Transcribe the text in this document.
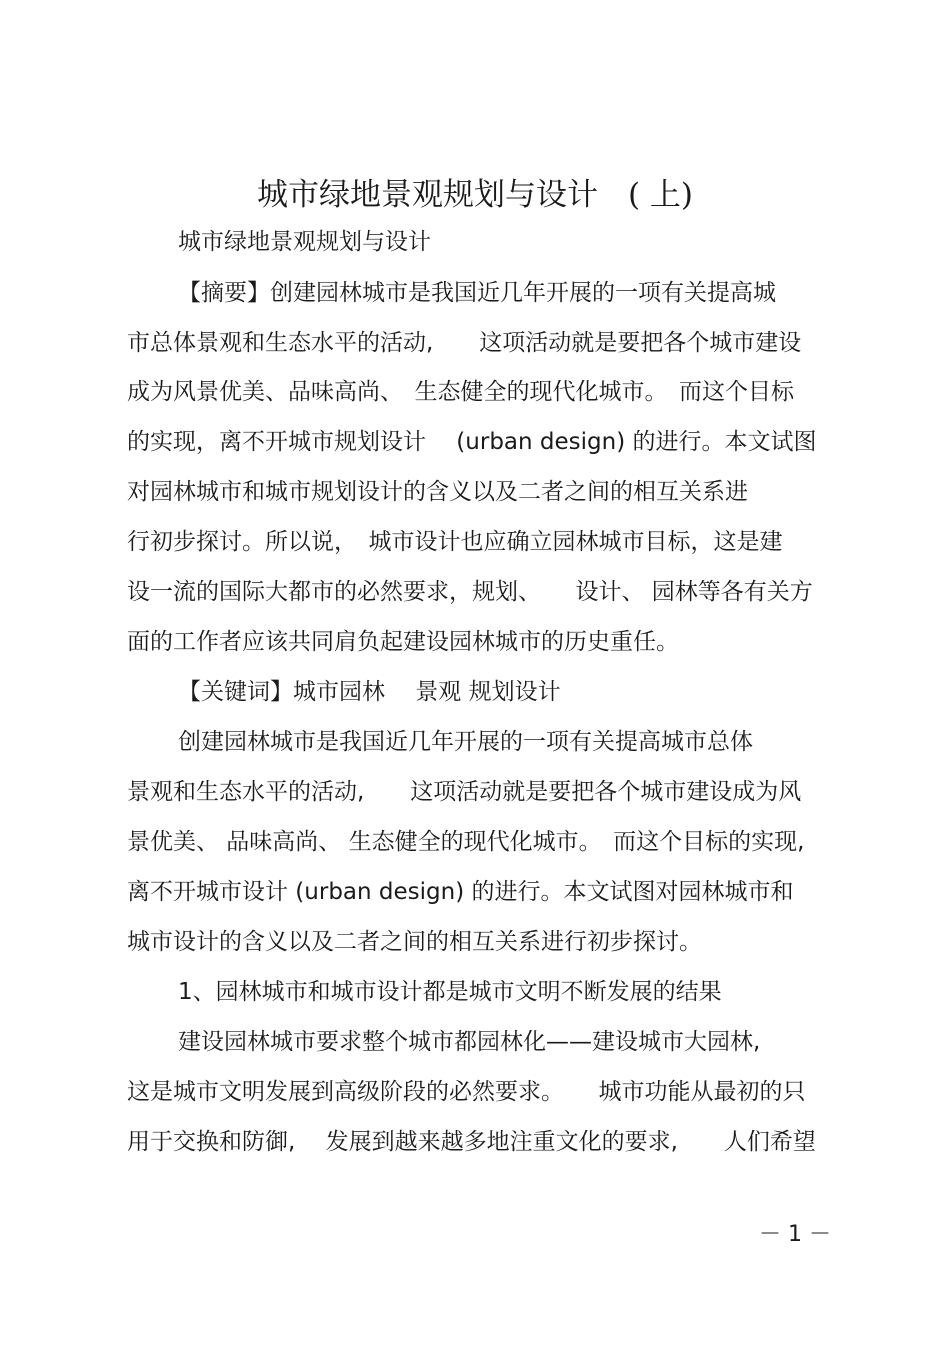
城市绿地景观规划与设计 ( 上)
城市绿地景观规划与设计
【摘要】创建园林城市是我国近几年开展的一项有关提高城
市总体景观和生态水平的活动,　　这项活动就是要把各个城市建设
成为风景优美、品味高尚、　生态健全的现代化城市。　而这个目标
的实现，离不开城市规划设计　 (urban design) 的进行。本文试图
对园林城市和城市规划设计的含义以及二者之间的相互关系进
行初步探讨。所以说，　城市设计也应确立园林城市目标，这是建
设一流的国际大都市的必然要求，规划、　　设计、 园林等各有关方
面的工作者应该共同肩负起建设园林城市的历史重任。
【关键词】城市园林　 景观 规划设计
创建园林城市是我国近几年开展的一项有关提高城市总体
景观和生态水平的活动,　　这项活动就是要把各个城市建设成为风
景优美、 品味高尚、 生态健全的现代化城市。　而这个目标的实现,
离不开城市设计 (urban design) 的进行。本文试图对园林城市和
城市设计的含义以及二者之间的相互关系进行初步探讨。
1、园林城市和城市设计都是城市文明不断发展的结果
建设园林城市要求整个城市都园林化——建设城市大园林,
这是城市文明发展到高级阶段的必然要求。　　城市功能从最初的只
用于交换和防御,　 发展到越来越多地注重文化的要求,　　人们希望
－ 1 －
